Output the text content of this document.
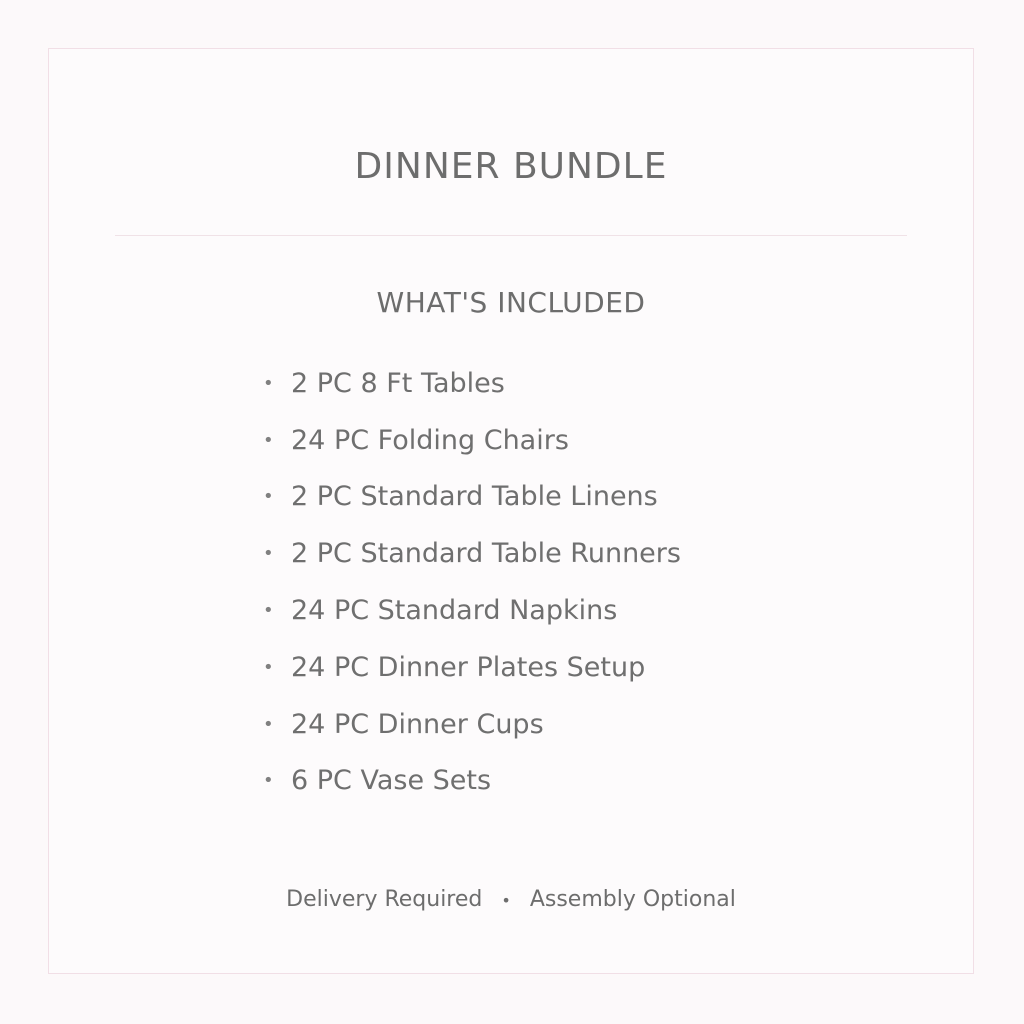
DINNER BUNDLE
WHAT'S INCLUDED
• 2 PC 8 Ft Tables
• 24 PC Folding Chairs
• 2 PC Standard Table Linens
• 2 PC Standard Table Runners
• 24 PC Standard Napkins
• 24 PC Dinner Plates Setup
• 24 PC Dinner Cups
• 6 PC Vase Sets
Delivery Required • Assembly Optional
